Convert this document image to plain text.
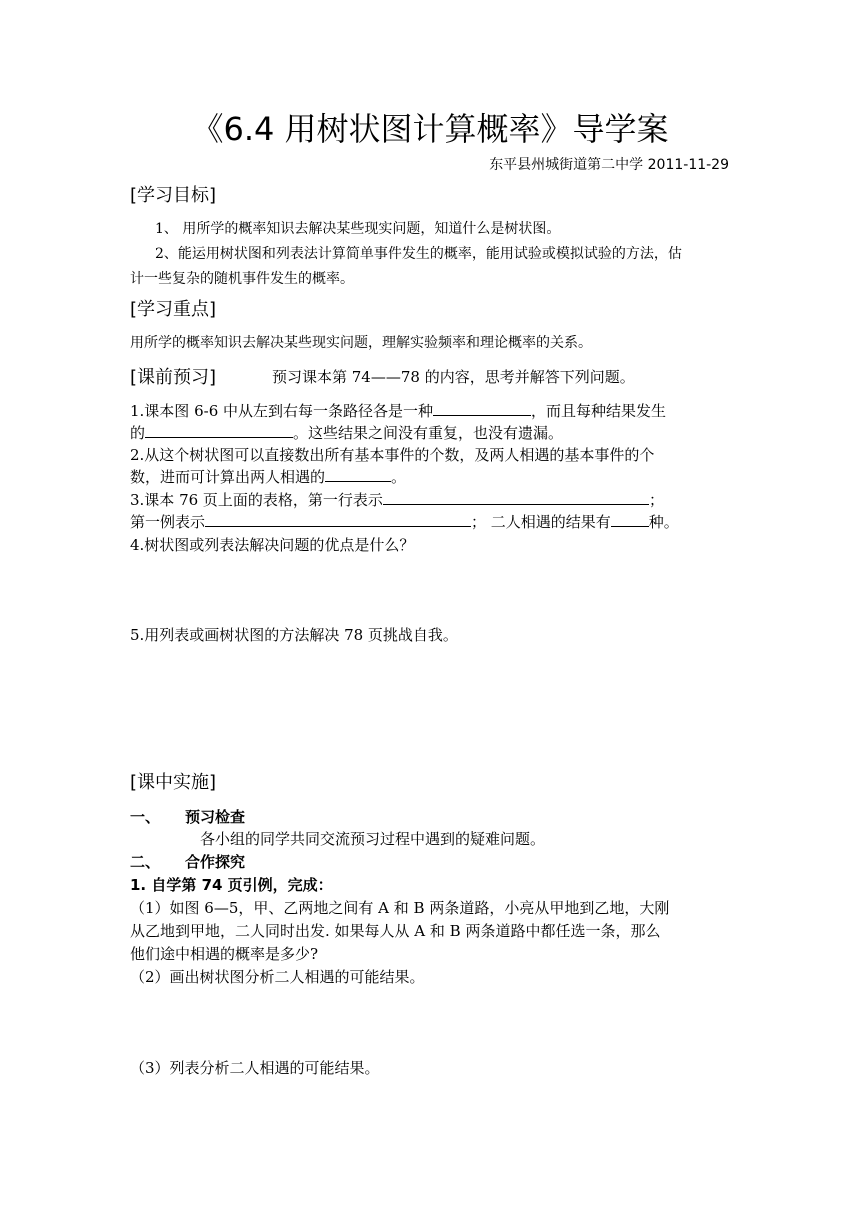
《6.4 用树状图计算概率》导学案
东平县州城街道第二中学 2011-11-29
[学习目标]
1、 用所学的概率知识去解决某些现实问题，知道什么是树状图。
2、能运用树状图和列表法计算简单事件发生的概率，能用试验或模拟试验的方法，估
计一些复杂的随机事件发生的概率。
[学习重点]
用所学的概率知识去解决某些现实问题，理解实验频率和理论概率的关系。
[课前预习]	预习课本第 74——78 的内容，思考并解答下列问题。
1.课本图 6-6 中从左到右每一条路径各是一种	，而且每种结果发生
的	。这些结果之间没有重复，也没有遗漏。
2.从这个树状图可以直接数出所有基本事件的个数，及两人相遇的基本事件的个
数，进而可计算出两人相遇的	。
3.课本 76 页上面的表格，第一行表示	；
第一例表示	； 二人相遇的结果有	种。
4.树状图或列表法解决问题的优点是什么？
5.用列表或画树状图的方法解决 78 页挑战自我。
[课中实施]
一、 预习检查
各小组的同学共同交流预习过程中遇到的疑难问题。
二、 合作探究
1. 自学第 74 页引例，完成：
（1）如图 6—5，甲、乙两地之间有 A 和 B 两条道路，小亮从甲地到乙地，大刚
从乙地到甲地，二人同时出发. 如果每人从 A 和 B 两条道路中都任选一条，那么
他们途中相遇的概率是多少?
（2）画出树状图分析二人相遇的可能结果。
（3）列表分析二人相遇的可能结果。
